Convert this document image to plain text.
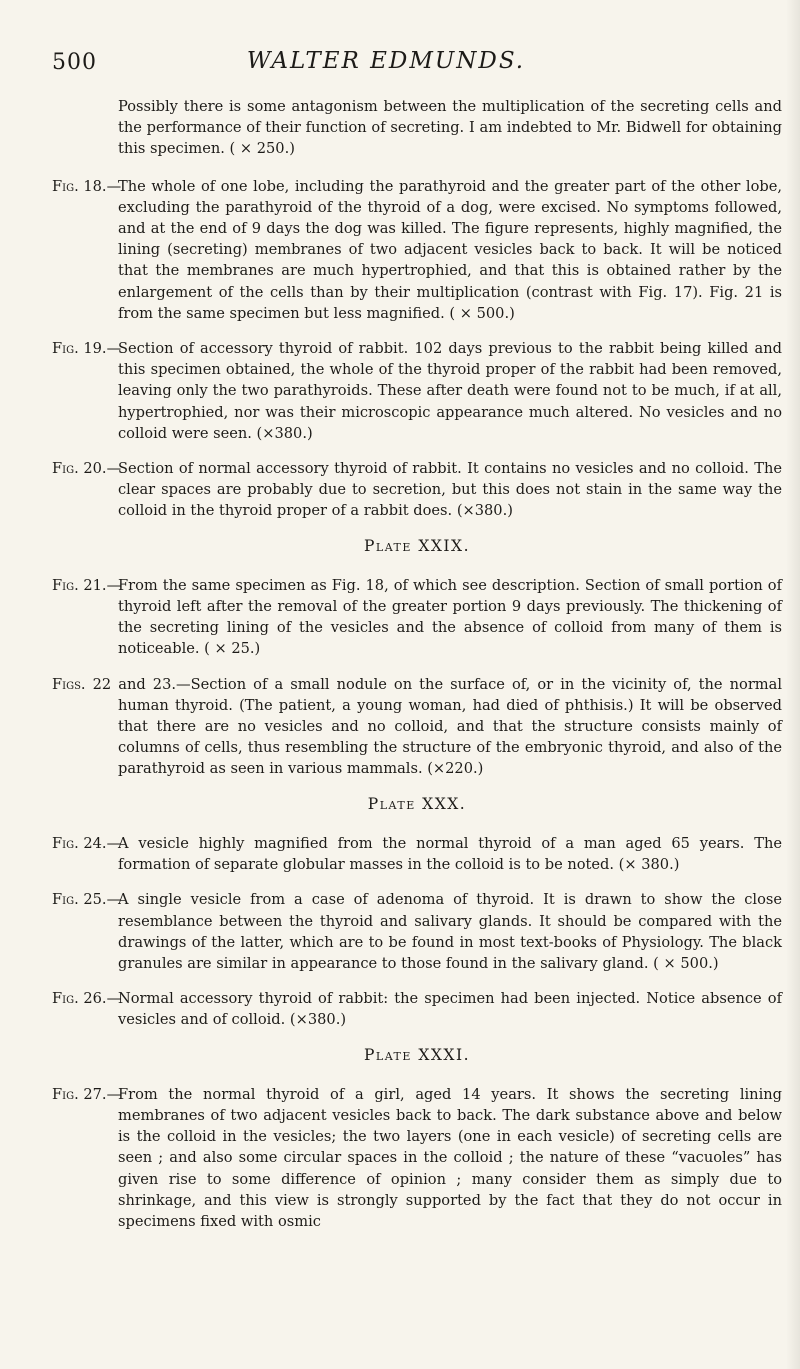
500	WALTER EDMUNDS.

Possibly there is some antagonism between the multiplication of the secreting cells and the performance of their function of secreting. I am indebted to Mr. Bidwell for obtaining this specimen. ( × 250.)

Fig. 18.—
The whole of one lobe, including the parathyroid and the greater part of the other lobe, excluding the parathyroid of the thyroid of a dog, were excised. No symptoms followed, and at the end of 9 days the dog was killed. The figure represents, highly magnified, the lining (secreting) membranes of two adjacent vesicles back to back. It will be noticed that the membranes are much hypertrophied, and that this is obtained rather by the enlargement of the cells than by their multiplication (contrast with Fig. 17). Fig. 21 is from the same specimen but less magnified. ( × 500.)
Fig. 19.—
Section of accessory thyroid of rabbit. 102 days previous to the rabbit being killed and this specimen obtained, the whole of the thyroid proper of the rabbit had been removed, leaving only the two parathyroids. These after death were found not to be much, if at all, hypertrophied, nor was their microscopic appearance much altered. No vesicles and no colloid were seen. (×380.)
Fig. 20.—
Section of normal accessory thyroid of rabbit. It contains no vesicles and no colloid. The clear spaces are probably due to secretion, but this does not stain in the same way the colloid in the thyroid proper of a rabbit does. (×380.)
Plate XXIX.
Fig. 21.—
From the same specimen as Fig. 18, of which see description. Section of small portion of thyroid left after the removal of the greater portion 9 days previously. The thickening of the secreting lining of the vesicles and the absence of colloid from many of them is noticeable. ( × 25.)
Figs. 22 and 23.—Section of a small nodule on the surface of, or in the vicinity of, the normal human thyroid. (The patient, a young woman, had died of phthisis.) It will be observed that there are no vesicles and no colloid, and that the structure consists mainly of columns of cells, thus resembling the structure of the embryonic thyroid, and also of the parathyroid as seen in various mammals. (×220.)
Plate XXX.
Fig. 24.—
A vesicle highly magnified from the normal thyroid of a man aged 65 years. The formation of separate globular masses in the colloid is to be noted. (× 380.)
Fig. 25.—
A single vesicle from a case of adenoma of thyroid. It is drawn to show the close resemblance between the thyroid and salivary glands. It should be compared with the drawings of the latter, which are to be found in most text-books of Physiology. The black granules are similar in appearance to those found in the salivary gland. ( × 500.)
Fig. 26.—
Normal accessory thyroid of rabbit: the specimen had been injected. Notice absence of vesicles and of colloid. (×380.)
Plate XXXI.
Fig. 27.—
From the normal thyroid of a girl, aged 14 years. It shows the secreting lining membranes of two adjacent vesicles back to back. The dark substance above and below is the colloid in the vesicles; the two layers (one in each vesicle) of secreting cells are seen ; and also some circular spaces in the colloid ; the nature of these “vacuoles” has given rise to some difference of opinion ; many consider them as simply due to shrinkage, and this view is strongly supported by the fact that they do not occur in specimens fixed with osmic
